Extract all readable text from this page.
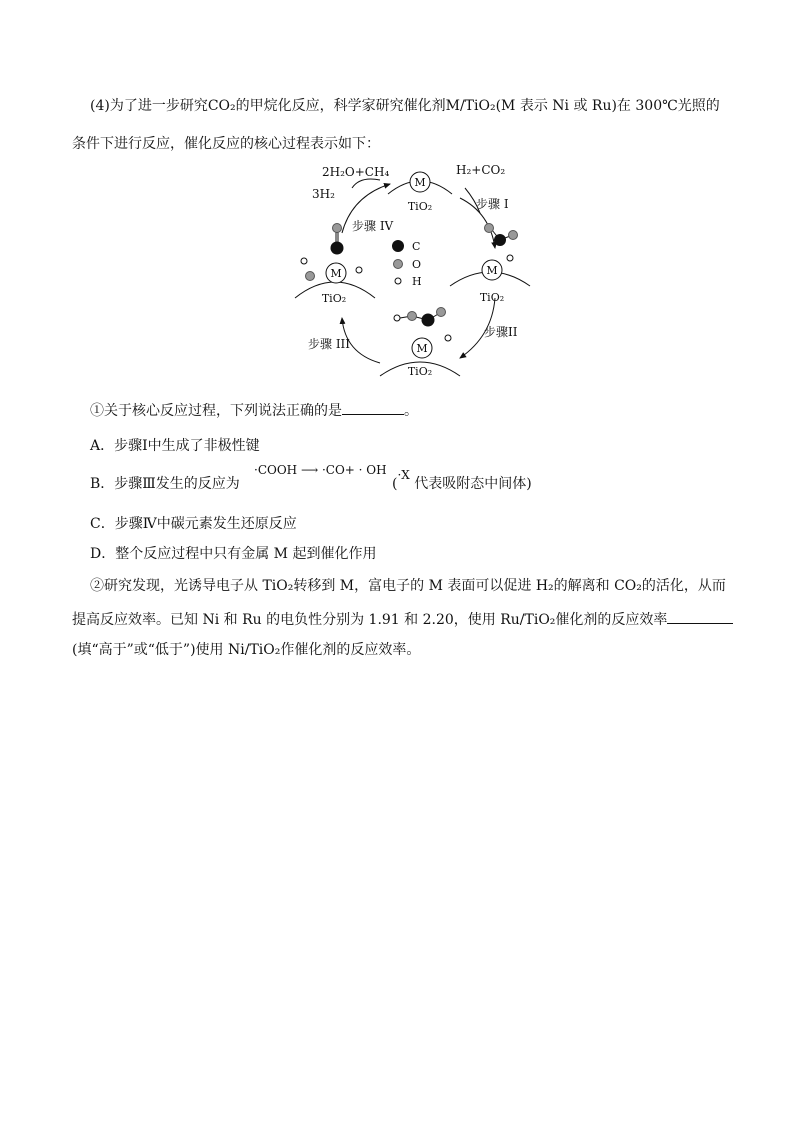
(4)为了进一步研究CO₂的甲烷化反应，科学家研究催化剂M/TiO₂(M 表示 Ni 或 Ru)在 300℃光照的
条件下进行反应，催化反应的核心过程表示如下：
M
TiO₂
M
TiO₂
M
TiO₂
M
TiO₂
C
O
H
2H₂O+CH₄
3H₂
H₂+CO₂
步骤 I
步骤II
步骤 III
步骤 IV
①关于核心反应过程，下列说法正确的是	。
A．步骤Ⅰ中生成了非极性键
B．步骤Ⅲ发生的反应为
·COOH ⟶ ·CO+ · OH
(·X 代表吸附态中间体)
C．步骤Ⅳ中碳元素发生还原反应
D．整个反应过程中只有金属 M 起到催化作用
②研究发现，光诱导电子从 TiO₂转移到 M，富电子的 M 表面可以促进 H₂的解离和 CO₂的活化，从而
提高反应效率。已知 Ni 和 Ru 的电负性分别为 1.91 和 2.20，使用 Ru/TiO₂催化剂的反应效率
(填“高于”或“低于”)使用 Ni/TiO₂作催化剂的反应效率。
